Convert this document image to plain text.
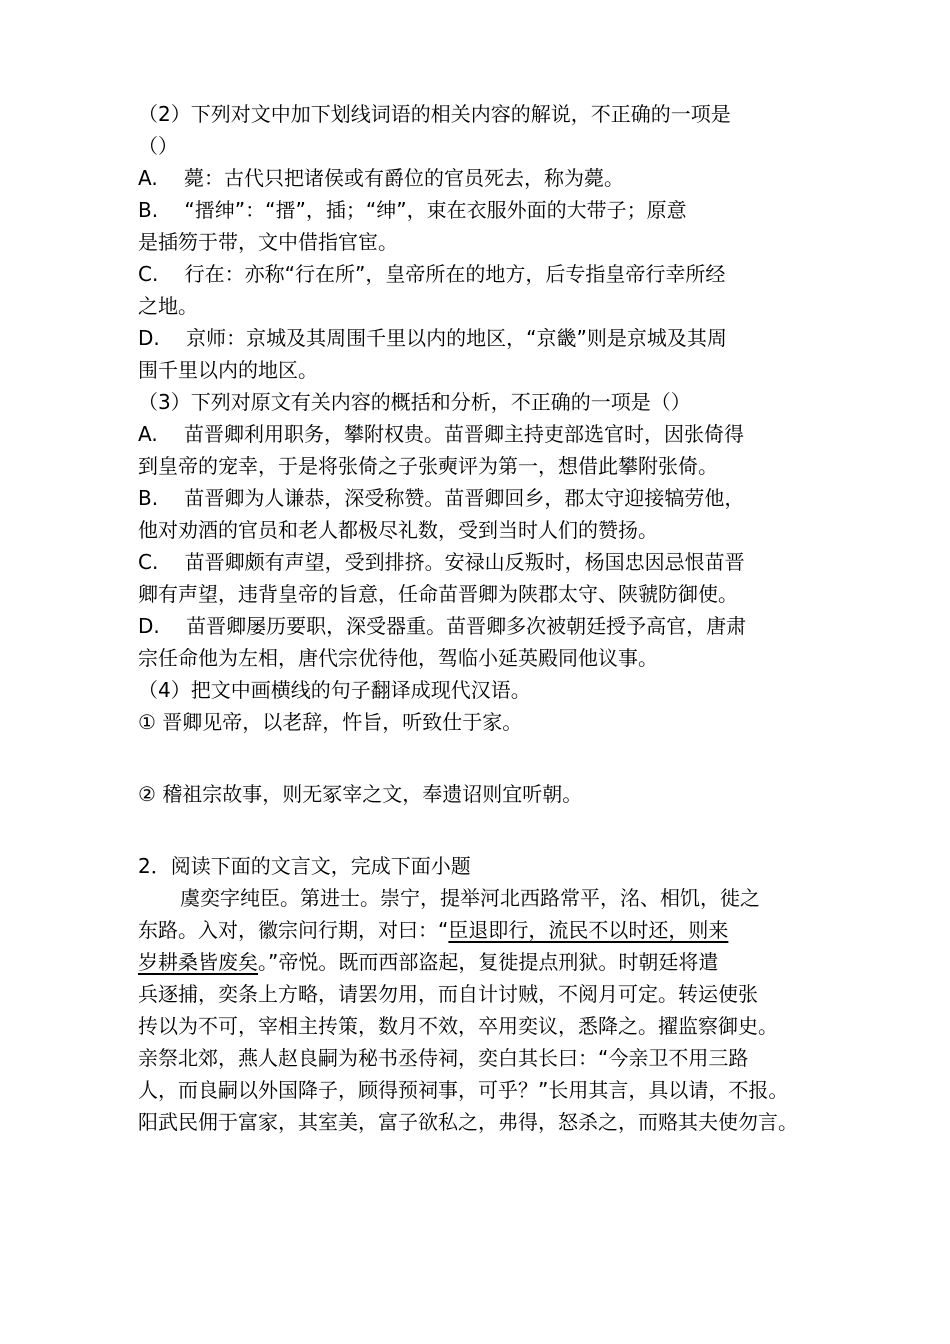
（2）下列对文中加下划线词语的相关内容的解说，不正确的一项是
（）
A.　 薨：古代只把诸侯或有爵位的官员死去，称为薨。
B.　 “搢绅”：“搢”，插；“绅”，束在衣服外面的大带子；原意
是插笏于带，文中借指官宦。
C.　 行在：亦称“行在所”，皇帝所在的地方，后专指皇帝行幸所经
之地。
D.　 京师：京城及其周围千里以内的地区，“京畿”则是京城及其周
围千里以内的地区。
（3）下列对原文有关内容的概括和分析，不正确的一项是（）
A.　 苗晋卿利用职务，攀附权贵。苗晋卿主持吏部选官时，因张倚得
到皇帝的宠幸，于是将张倚之子张奭评为第一，想借此攀附张倚。
B.　 苗晋卿为人谦恭，深受称赞。苗晋卿回乡，郡太守迎接犒劳他，
他对劝酒的官员和老人都极尽礼数，受到当时人们的赞扬。
C.　 苗晋卿颇有声望，受到排挤。安禄山反叛时，杨国忠因忌恨苗晋
卿有声望，违背皇帝的旨意，任命苗晋卿为陕郡太守、陕虢防御使。
D.　 苗晋卿屡历要职，深受器重。苗晋卿多次被朝廷授予高官，唐肃
宗任命他为左相，唐代宗优待他，驾临小延英殿同他议事。
（4）把文中画横线的句子翻译成现代汉语。
① 晋卿见帝，以老辞，忤旨，听致仕于家。
② 稽祖宗故事，则无冢宰之文，奉遗诏则宜听朝。
2．阅读下面的文言文，完成下面小题
虞奕字纯臣。第进士。崇宁，提举河北西路常平，洺、相饥，徙之
东路。入对，徽宗问行期，对曰：“臣退即行，流民不以时还，则来
岁耕桑皆废矣。”帝悦。既而西部盗起，复徙提点刑狱。时朝廷将遣
兵逐捕，奕条上方略，请罢勿用，而自计讨贼，不阅月可定。转运使张
抟以为不可，宰相主抟策，数月不效，卒用奕议，悉降之。擢监察御史。
亲祭北郊，燕人赵良嗣为秘书丞侍祠，奕白其长曰：“今亲卫不用三路
人，而良嗣以外国降子，顾得预祠事，可乎？”长用其言，具以请，不报。
阳武民佣于富家，其室美，富子欲私之，弗得，怒杀之，而赂其夫使勿言。
